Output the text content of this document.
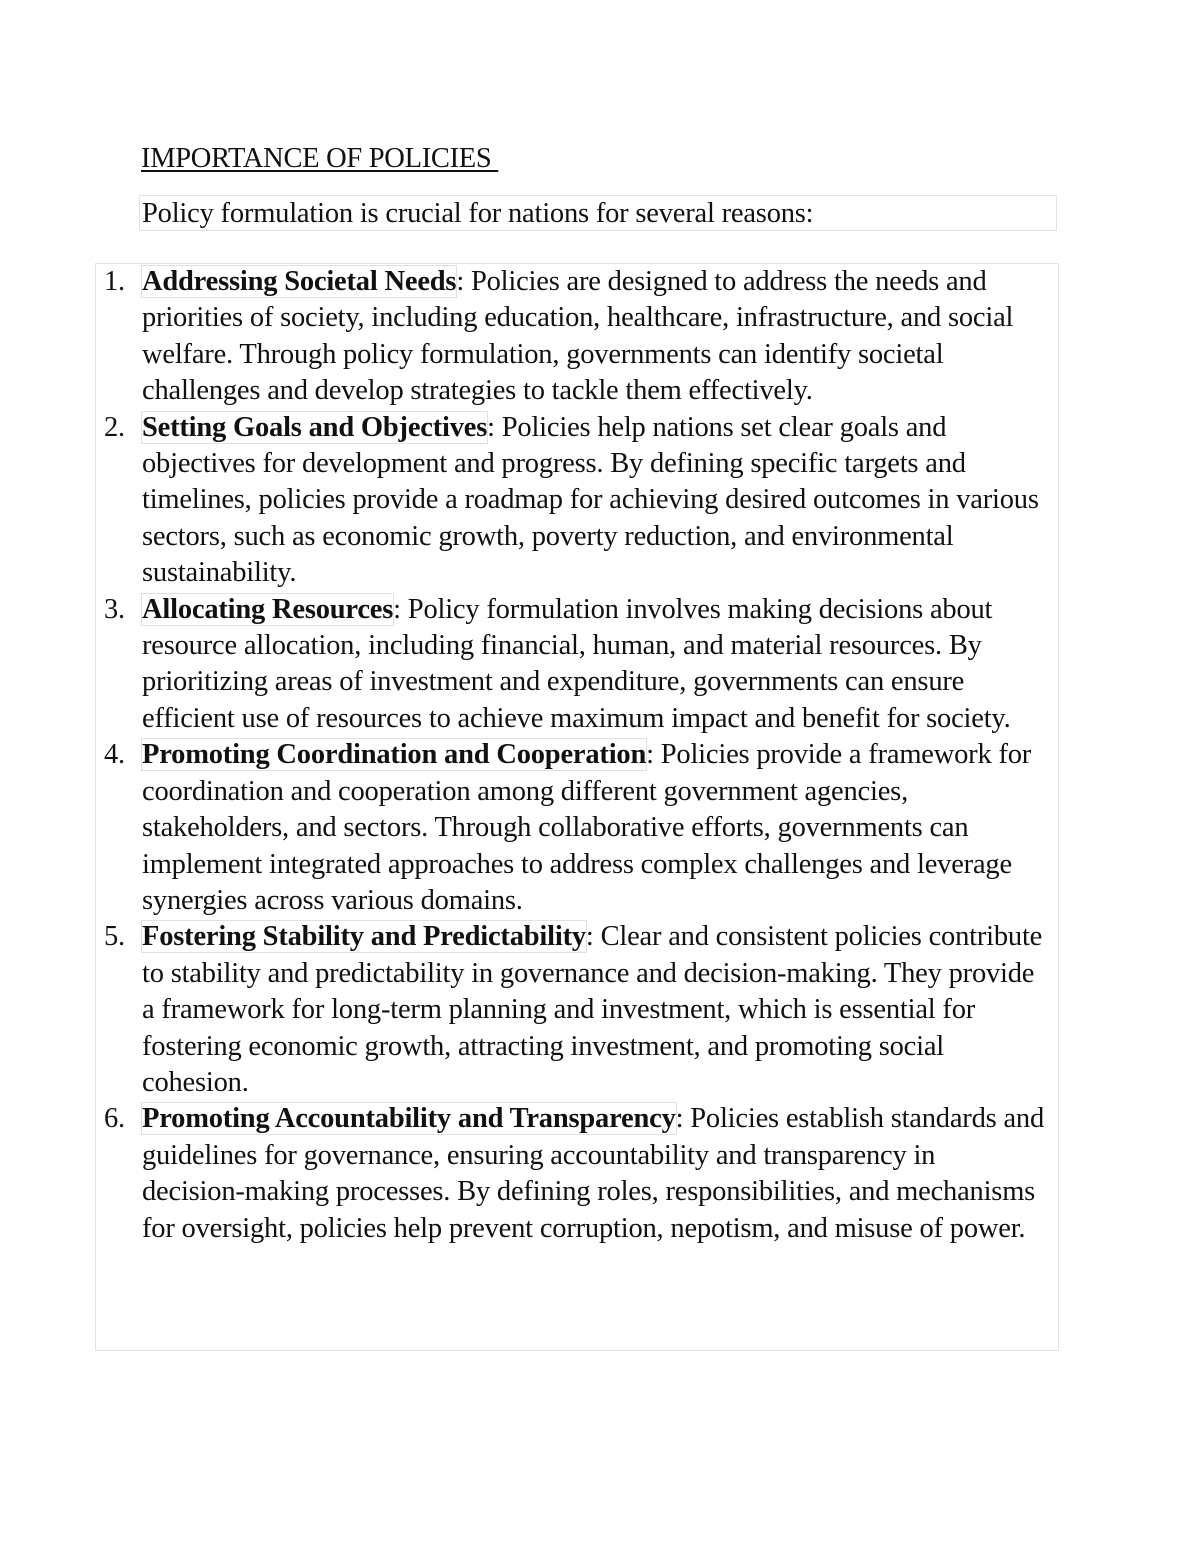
IMPORTANCE OF POLICIES

Policy formulation is crucial for nations for several reasons:

1. Addressing Societal Needs: Policies are designed to address the needs and priorities of society, including education, healthcare, infrastructure, and social welfare. Through policy formulation, governments can identify societal challenges and develop strategies to tackle them effectively.
2. Setting Goals and Objectives: Policies help nations set clear goals and objectives for development and progress. By defining specific targets and timelines, policies provide a roadmap for achieving desired outcomes in various sectors, such as economic growth, poverty reduction, and environmental sustainability.
3. Allocating Resources: Policy formulation involves making decisions about resource allocation, including financial, human, and material resources. By prioritizing areas of investment and expenditure, governments can ensure efficient use of resources to achieve maximum impact and benefit for society.
4. Promoting Coordination and Cooperation: Policies provide a framework for coordination and cooperation among different government agencies, stakeholders, and sectors. Through collaborative efforts, governments can implement integrated approaches to address complex challenges and leverage synergies across various domains.
5. Fostering Stability and Predictability: Clear and consistent policies contribute to stability and predictability in governance and decision-making. They provide a framework for long-term planning and investment, which is essential for fostering economic growth, attracting investment, and promoting social cohesion.
6. Promoting Accountability and Transparency: Policies establish standards and guidelines for governance, ensuring accountability and transparency in decision-making processes. By defining roles, responsibilities, and mechanisms for oversight, policies help prevent corruption, nepotism, and misuse of power.
